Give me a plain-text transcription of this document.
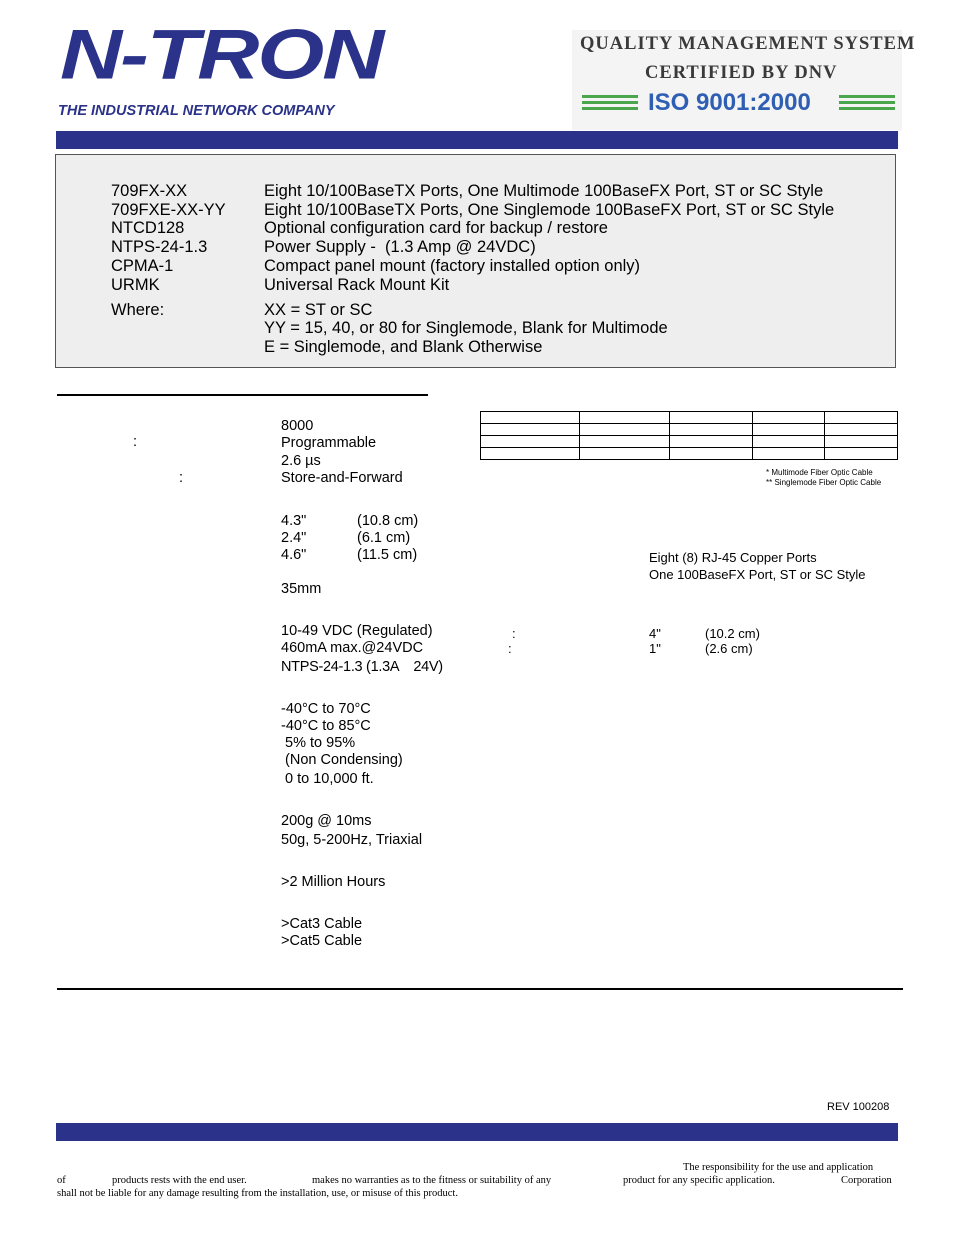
N-TRON
THE INDUSTRIAL NETWORK COMPANY
QUALITY MANAGEMENT SYSTEM
CERTIFIED BY DNV
ISO 9001:2000
709FX-XX	Eight 10/100BaseTX Ports, One Multimode 100BaseFX Port, ST or SC Style
709FXE-XX-YY Eight 10/100BaseTX Ports, One Singlemode 100BaseFX Port, ST or SC Style
NTCD128	Optional configuration card for backup / restore
NTPS-24-1.3	Power Supply -  (1.3 Amp @ 24VDC)
CPMA-1	Compact panel mount (factory installed option only)
URMK	Universal Rack Mount Kit
Where:	XX = ST or SC
YY = 15, 40, or 80 for Singlemode, Blank for Multimode
E = Singlemode, and Blank Otherwise
:
:
8000
Programmable
2.6 µs
Store-and-Forward
4.3"	(10.8 cm)
2.4"	(6.1 cm)
4.6"	(11.5 cm)
35mm
10-49 VDC (Regulated)
460mA max.@24VDC
NTPS-24-1.3 (1.3A    24V)
-40°C to 70°C
-40°C to 85°C
5% to 95%
(Non Condensing)
0 to 10,000 ft.
200g @ 10ms
50g, 5-200Hz, Triaxial
>2 Million Hours
>Cat3 Cable
>Cat5 Cable

* Multimode Fiber Optic Cable
** Singlemode Fiber Optic Cable
Eight (8) RJ-45 Copper Ports
One 100BaseFX Port, ST or SC Style
:
:
4"	(10.2 cm)
1"	(2.6 cm)
REV 100208
The responsibility for the use and application
of	products rests with the end user.	makes no warranties as to the fitness or suitability of any	product for any specific application.	Corporation
shall not be liable for any damage resulting from the installation, use, or misuse of this product.
